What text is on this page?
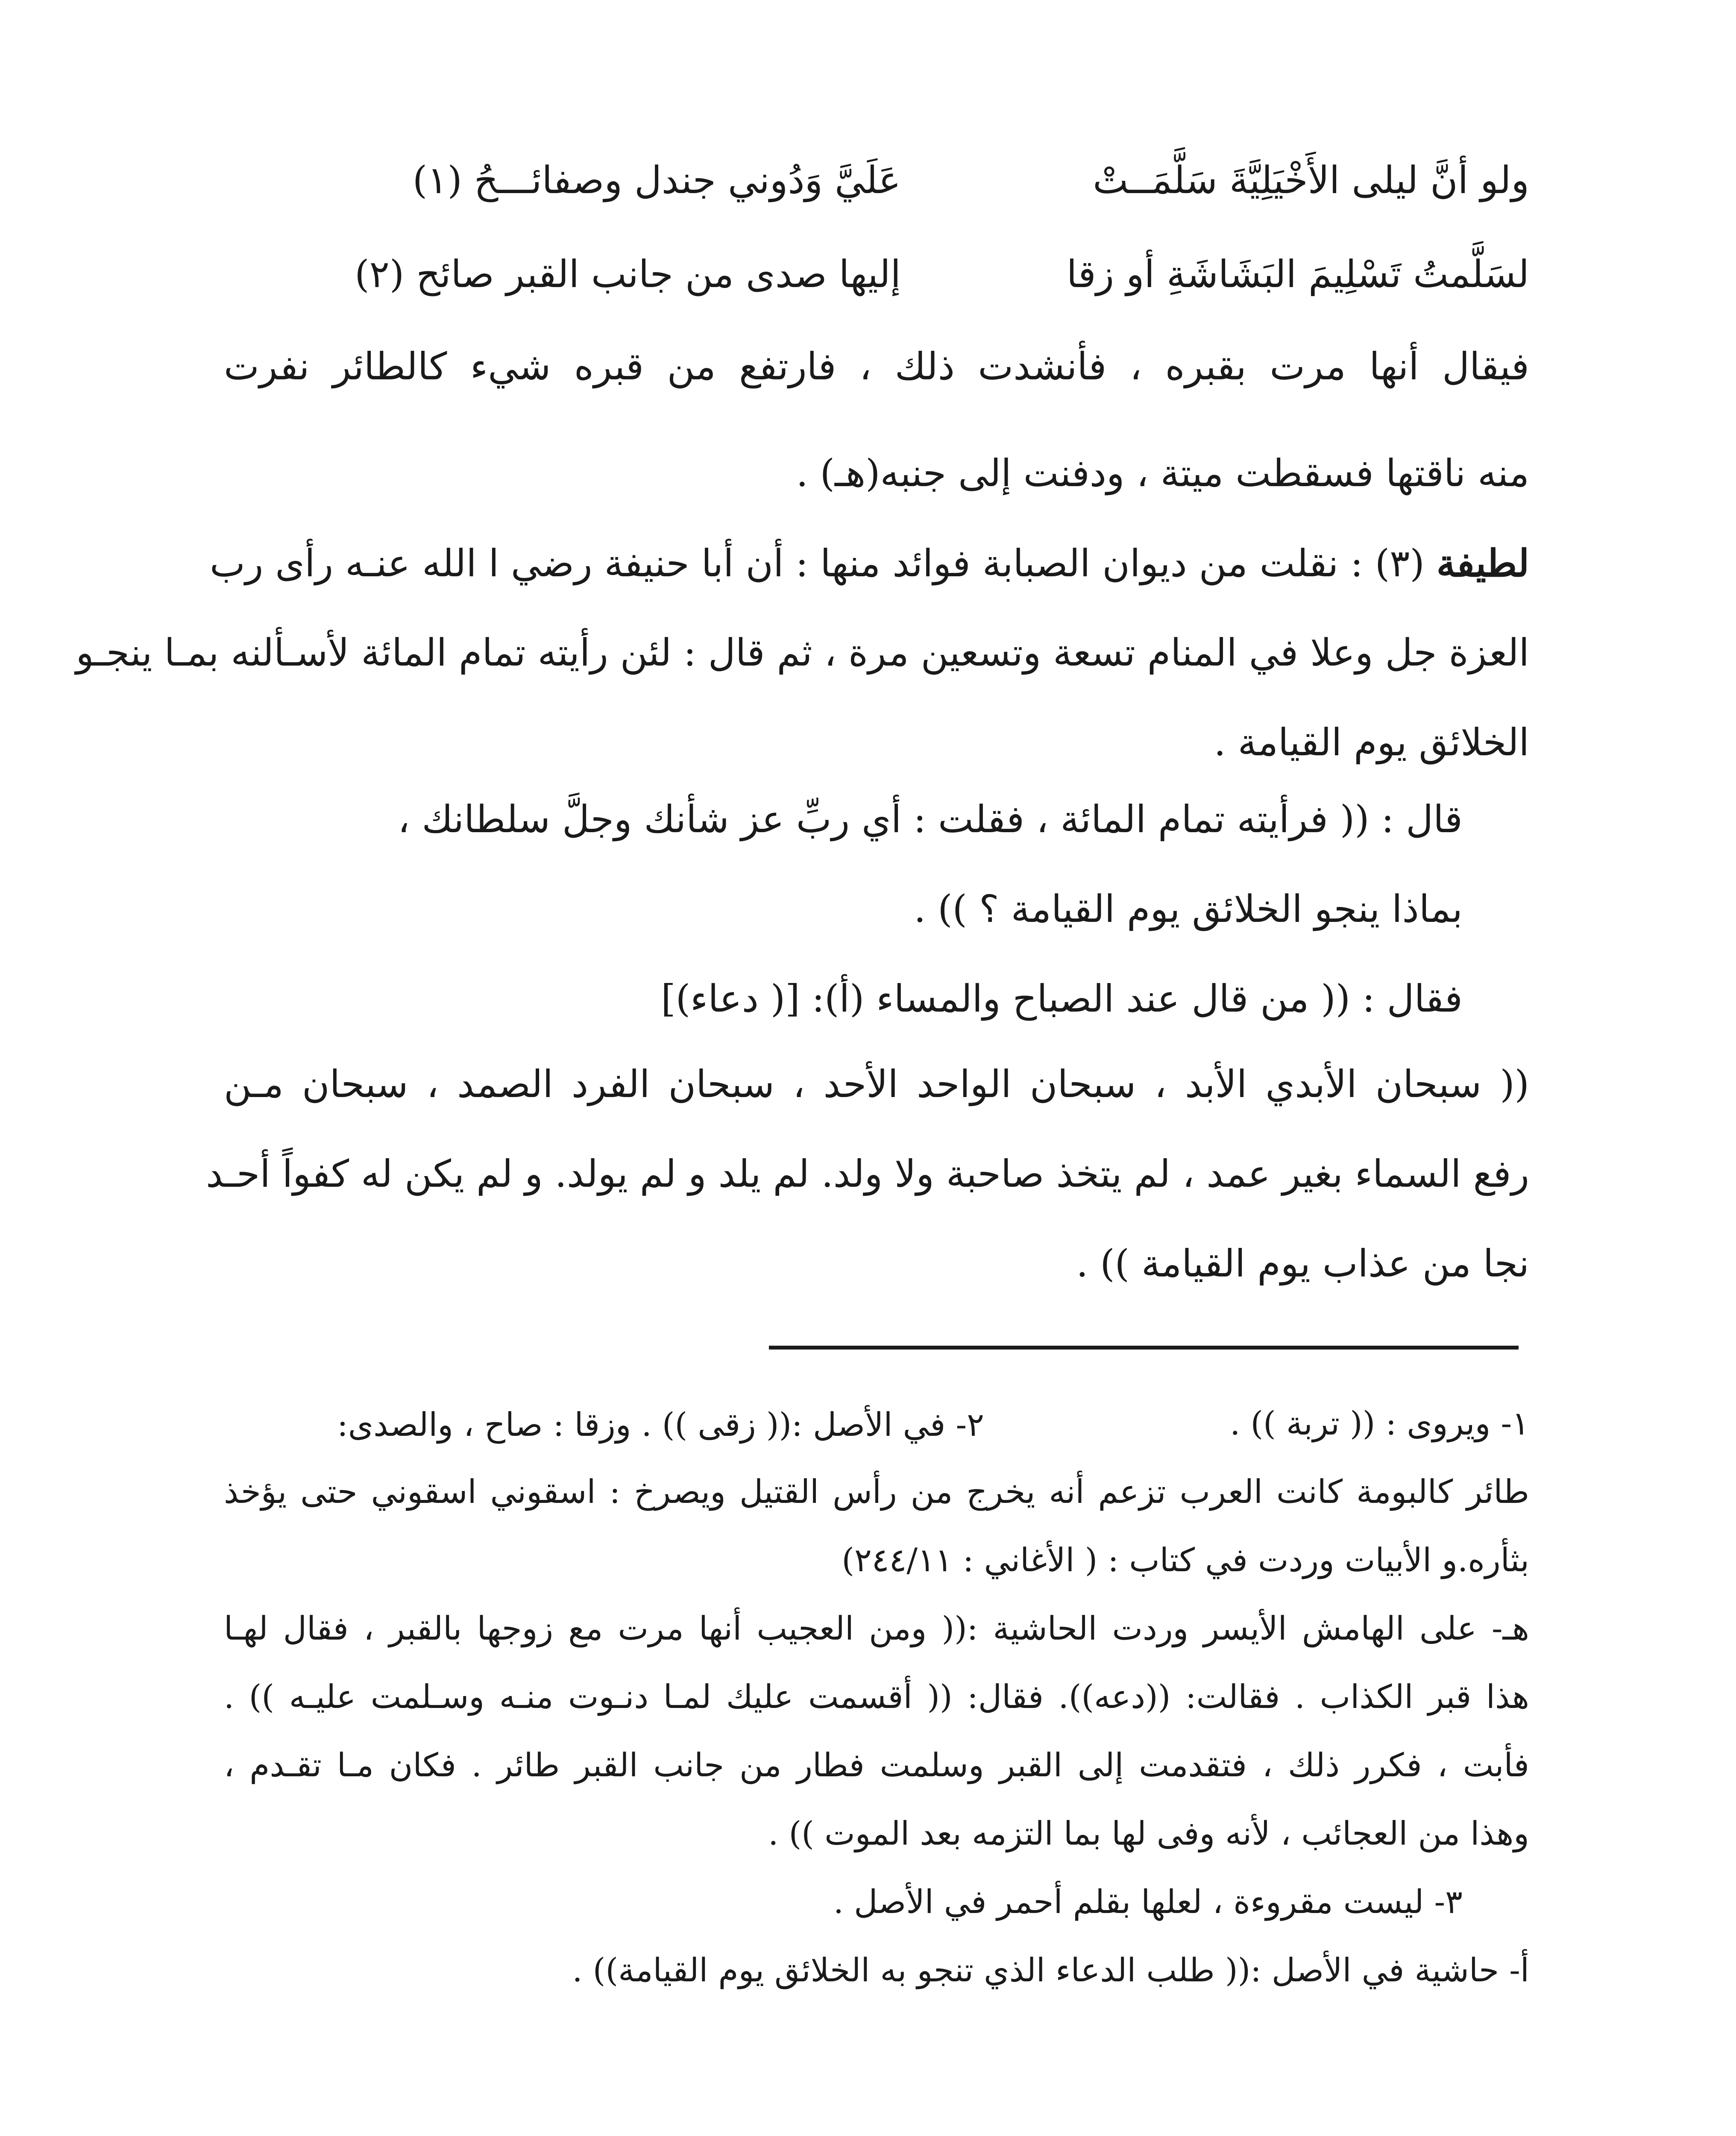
ولو أنَّ ليلى الأَخْيَلِيَّةَ سَلَّمَــتْ
عَلَيَّ وَدُوني جندل وصفائـــحُ (١)
لسَلَّمتُ تَسْلِيمَ البَشَاشَةِ أو زقا
إليها صدى من جانب القبر صائح (٢)
فيقال أنها مرت بقبره ، فأنشدت ذلك ، فارتفع من قبره شيء كالطائر نفرت
منه ناقتها فسقطت ميتة ، ودفنت إلى جنبه(هـ) .
لطيفة (٣) : نقلت من ديوان الصبابة فوائد منها : أن أبا حنيفة رضي ا الله عنـه رأى رب
العزة جل وعلا في المنام تسعة وتسعين مرة ، ثم قال : لئن رأيته تمام المائة لأسـألنه بمـا ينجـو
الخلائق يوم القيامة .
قال : (( فرأيته تمام المائة ، فقلت : أي ربِّ عز شأنك وجلَّ سلطانك ،
بماذا ينجو الخلائق يوم القيامة ؟ )) .
فقال : (( من قال عند الصباح والمساء (أ): [( دعاء)]
(( سبحان الأبدي الأبد ، سبحان الواحد الأحد ، سبحان الفرد الصمد ، سبحان مـن
رفع السماء بغير عمد ، لم يتخذ صاحبة ولا ولد. لم يلد و لم يولد. و لم يكن له كفواً أحـد
نجا من عذاب يوم القيامة )) .
١- ويروى : (( تربة )) .
٢- في الأصل :(( زقى )) . وزقا : صاح ، والصدى:
طائر كالبومة كانت العرب تزعم أنه يخرج من رأس القتيل ويصرخ : اسقوني اسقوني حتى يؤخذ
بثأره.و الأبيات وردت في كتاب : ( الأغاني : ٢٤٤/١١)
هـ- على الهامش الأيسر وردت الحاشية :(( ومن العجيب أنها مرت مع زوجها بالقبر ، فقال لهـا
هذا قبر الكذاب . فقالت: ((دعه)). فقال: (( أقسمت عليك لمـا دنـوت منـه وسـلمت عليـه )) .
فأبت ، فكرر ذلك ، فتقدمت إلى القبر وسلمت فطار من جانب القبر طائر . فكان مـا تقـدم ،
وهذا من العجائب ، لأنه وفى لها بما التزمه بعد الموت )) .
٣- ليست مقروءة ، لعلها بقلم أحمر في الأصل .
أ- حاشية في الأصل :(( طلب الدعاء الذي تنجو به الخلائق يوم القيامة)) .
